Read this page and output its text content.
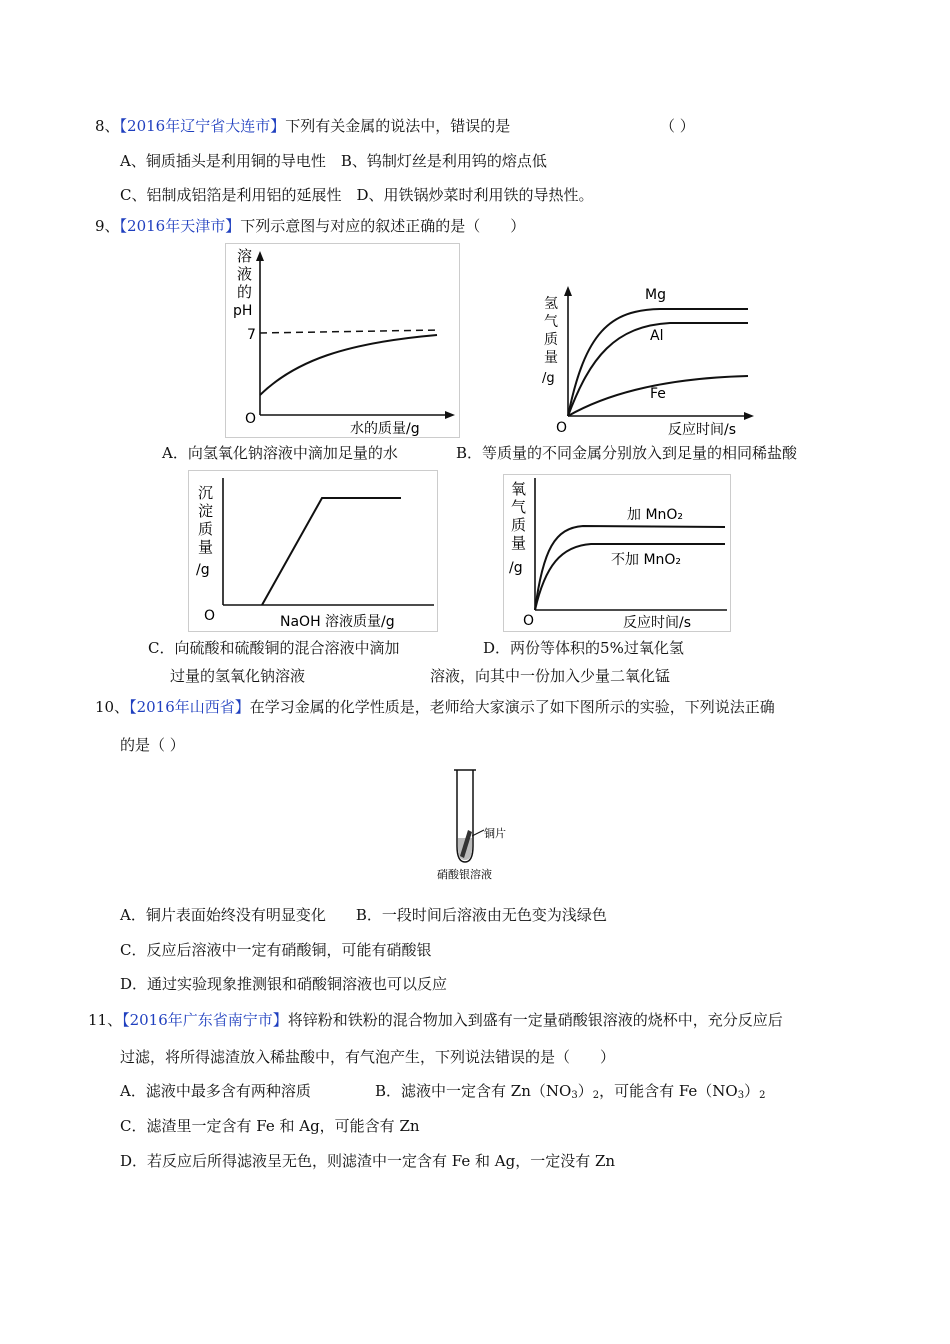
8、【2016年辽宁省大连市】下列有关金属的说法中，错误的是	（ ）
A、铜质插头是利用铜的导电性　B、钨制灯丝是利用钨的熔点低
C、铝制成铝箔是利用铝的延展性　D、用铁锅炒菜时利用铁的导热性。
9、【2016年天津市】下列示意图与对应的叙述正确的是（　　）
溶
液
的
pH
7
O
水的质量/g
氢
气
质
量
/g
Mg
Al
Fe
O	反应时间/s
A．向氢氧化钠溶液中滴加足量的水	B．等质量的不同金属分别放入到足量的相同稀盐酸
沉
淀
质
量
/g
O	NaOH 溶液质量/g
氧
气
质
量
/g
加 MnO₂
不加 MnO₂
O	反应时间/s
C．向硫酸和硫酸铜的混合溶液中滴加	D．两份等体积的5%过氧化氢
过量的氢氧化钠溶液	溶液，向其中一份加入少量二氧化锰
10、【2016年山西省】在学习金属的化学性质是，老师给大家演示了如下图所示的实验，下列说法正确
的是（ ）
铜片
硝酸银溶液
A．铜片表面始终没有明显变化　　B．一段时间后溶液由无色变为浅绿色
C．反应后溶液中一定有硝酸铜，可能有硝酸银
D．通过实验现象推测银和硝酸铜溶液也可以反应
11、【2016年广东省南宁市】将锌粉和铁粉的混合物加入到盛有一定量硝酸银溶液的烧杯中，充分反应后
过滤，将所得滤渣放入稀盐酸中，有气泡产生，下列说法错误的是（　　）
A．滤液中最多含有两种溶质	B．滤液中一定含有 $Zn(NO_3)_2$，可能含有 $Fe(NO_3)_2$
C．滤渣里一定含有 Fe 和 Ag，可能含有 Zn
D．若反应后所得滤液呈无色，则滤渣中一定含有 Fe 和 Ag，一定没有 Zn
